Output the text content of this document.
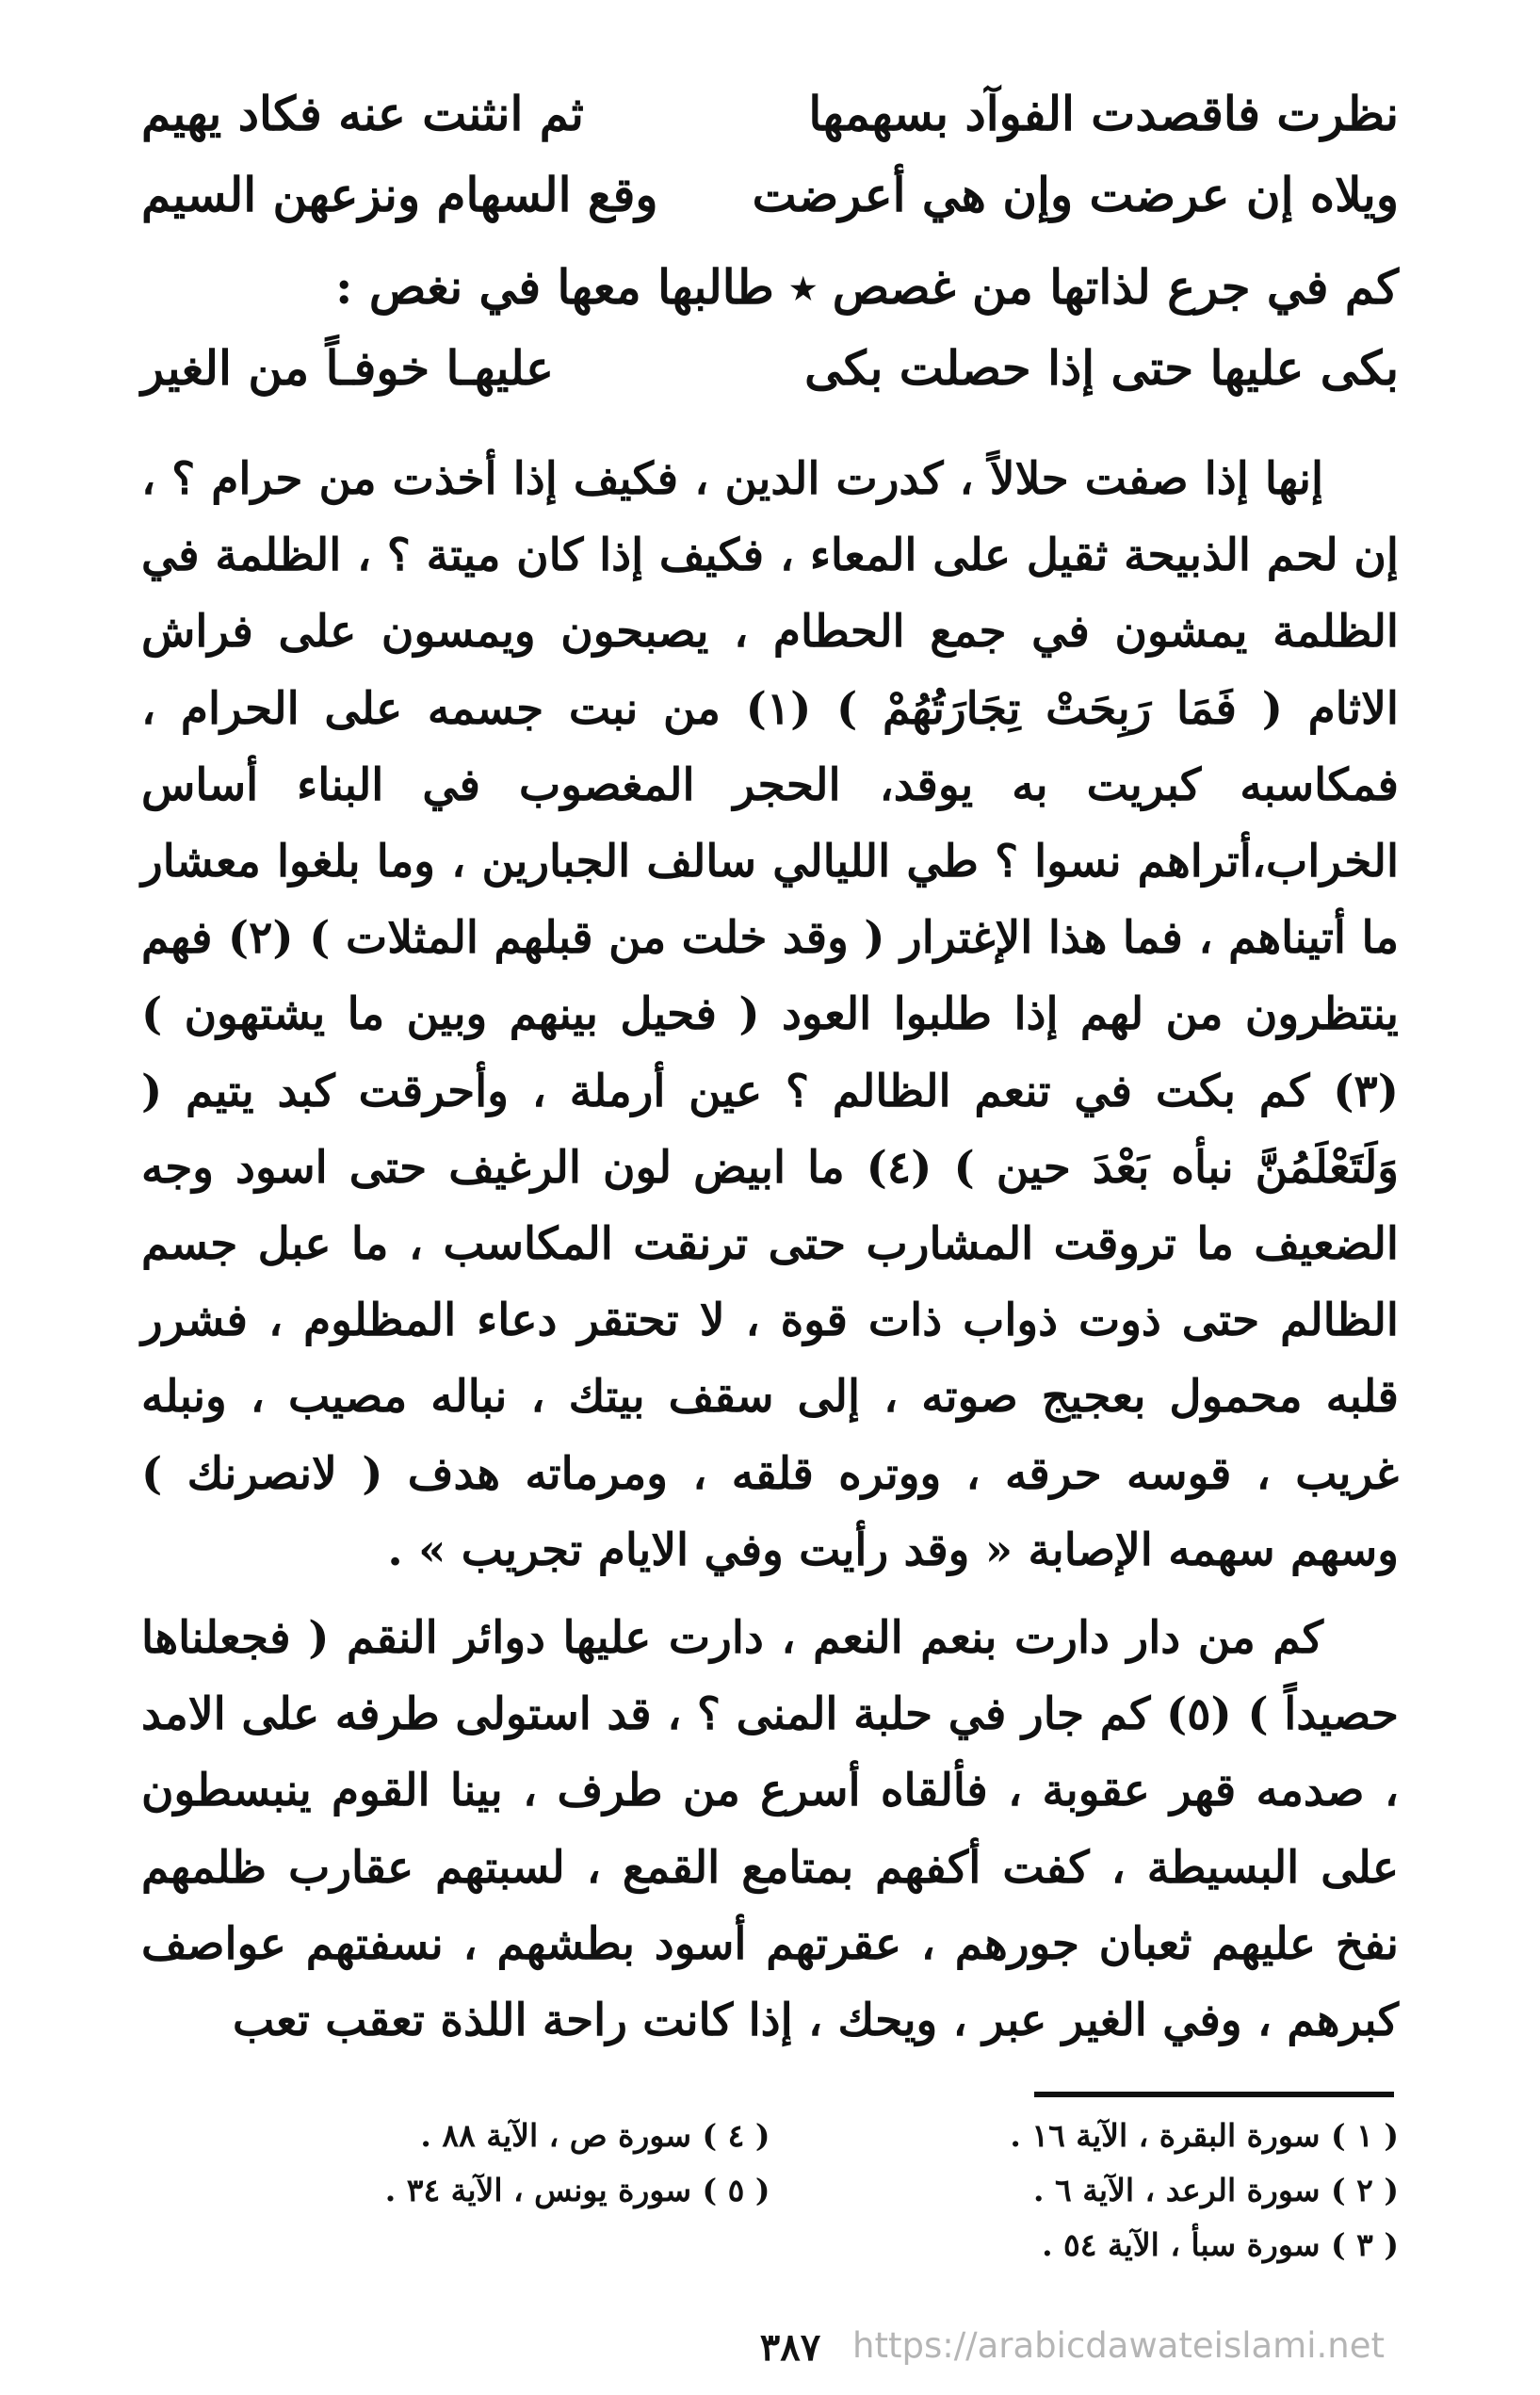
نظرت فاقصدت الفوآد بسهمها
ثم انثنت عنه فكاد يهيم
ويلاه إن عرضت وإن هي أعرضت
وقع السهام ونزعهن السيم
كم في جرع لذاتها من غصص ٭ طالبها معها في نغص :
بكى عليها حتى إذا حصلت بكى
عليهـا خوفـاً من الغير

إنها إذا صفت حلالاً ، كدرت الدين ، فكيف إذا أخذت من حرام ؟ ، إن لحم الذبيحة ثقيل على المعاء ، فكيف إذا كان ميتة ؟ ، الظلمة في الظلمة يمشون في جمع الحطام ، يصبحون ويمسون على فراش الاثام ( فَمَا رَبِحَتْ تِجَارَتُهُمْ ) (١) من نبت جسمه على الحرام ، فمكاسبه كبريت به يوقد، الحجر المغصوب في البناء أساس الخراب،أتراهم نسوا ؟ طي الليالي سالف الجبارين ، وما بلغوا معشار ما أتيناهم ، فما هذا الإغترار ( وقد خلت من قبلهم المثلات ) (٢) فهم ينتظرون من لهم إذا طلبوا العود ( فحيل بينهم وبين ما يشتهون ) (٣) كم بكت في تنعم الظالم ؟ عين أرملة ، وأحرقت كبد يتيم ( وَلَتَعْلَمُنَّ نبأه بَعْدَ حين ) (٤) ما ابيض لون الرغيف حتى اسود وجه الضعيف ما تروقت المشارب حتى ترنقت المكاسب ، ما عبل جسم الظالم حتى ذوت ذواب ذات قوة ، لا تحتقر دعاء المظلوم ، فشرر قلبه محمول بعجيج صوته ، إلى سقف بيتك ، نباله مصيب ، ونبله غريب ، قوسه حرقه ، ووتره قلقه ، ومرماته هدف ( لانصرنك ) وسهم سهمه الإصابة « وقد رأيت وفي الايام تجريب » .

كم من دار دارت بنعم النعم ، دارت عليها دوائر النقم ( فجعلناها حصيداً ) (٥) كم جار في حلبة المنى ؟ ، قد استولى طرفه على الامد ، صدمه قهر عقوبة ، فألقاه أسرع من طرف ، بينا القوم ينبسطون على البسيطة ، كفت أكفهم بمتامع القمع ، لسبتهم عقارب ظلمهم نفخ عليهم ثعبان جورهم ، عقرتهم أسود بطشهم ، نسفتهم عواصف كبرهم ، وفي الغير عبر ، ويحك ، إذا كانت راحة اللذة تعقب تعب

( ١ ) سورة البقرة ، الآية ١٦ .
( ٢ ) سورة الرعد ، الآية ٦ .
( ٣ ) سورة سبأ ، الآية ٥٤ .
( ٤ ) سورة ص ، الآية ٨٨ .
( ٥ ) سورة يونس ، الآية ٣٤ .
٣٨٧ https://arabicdawateislami.net
